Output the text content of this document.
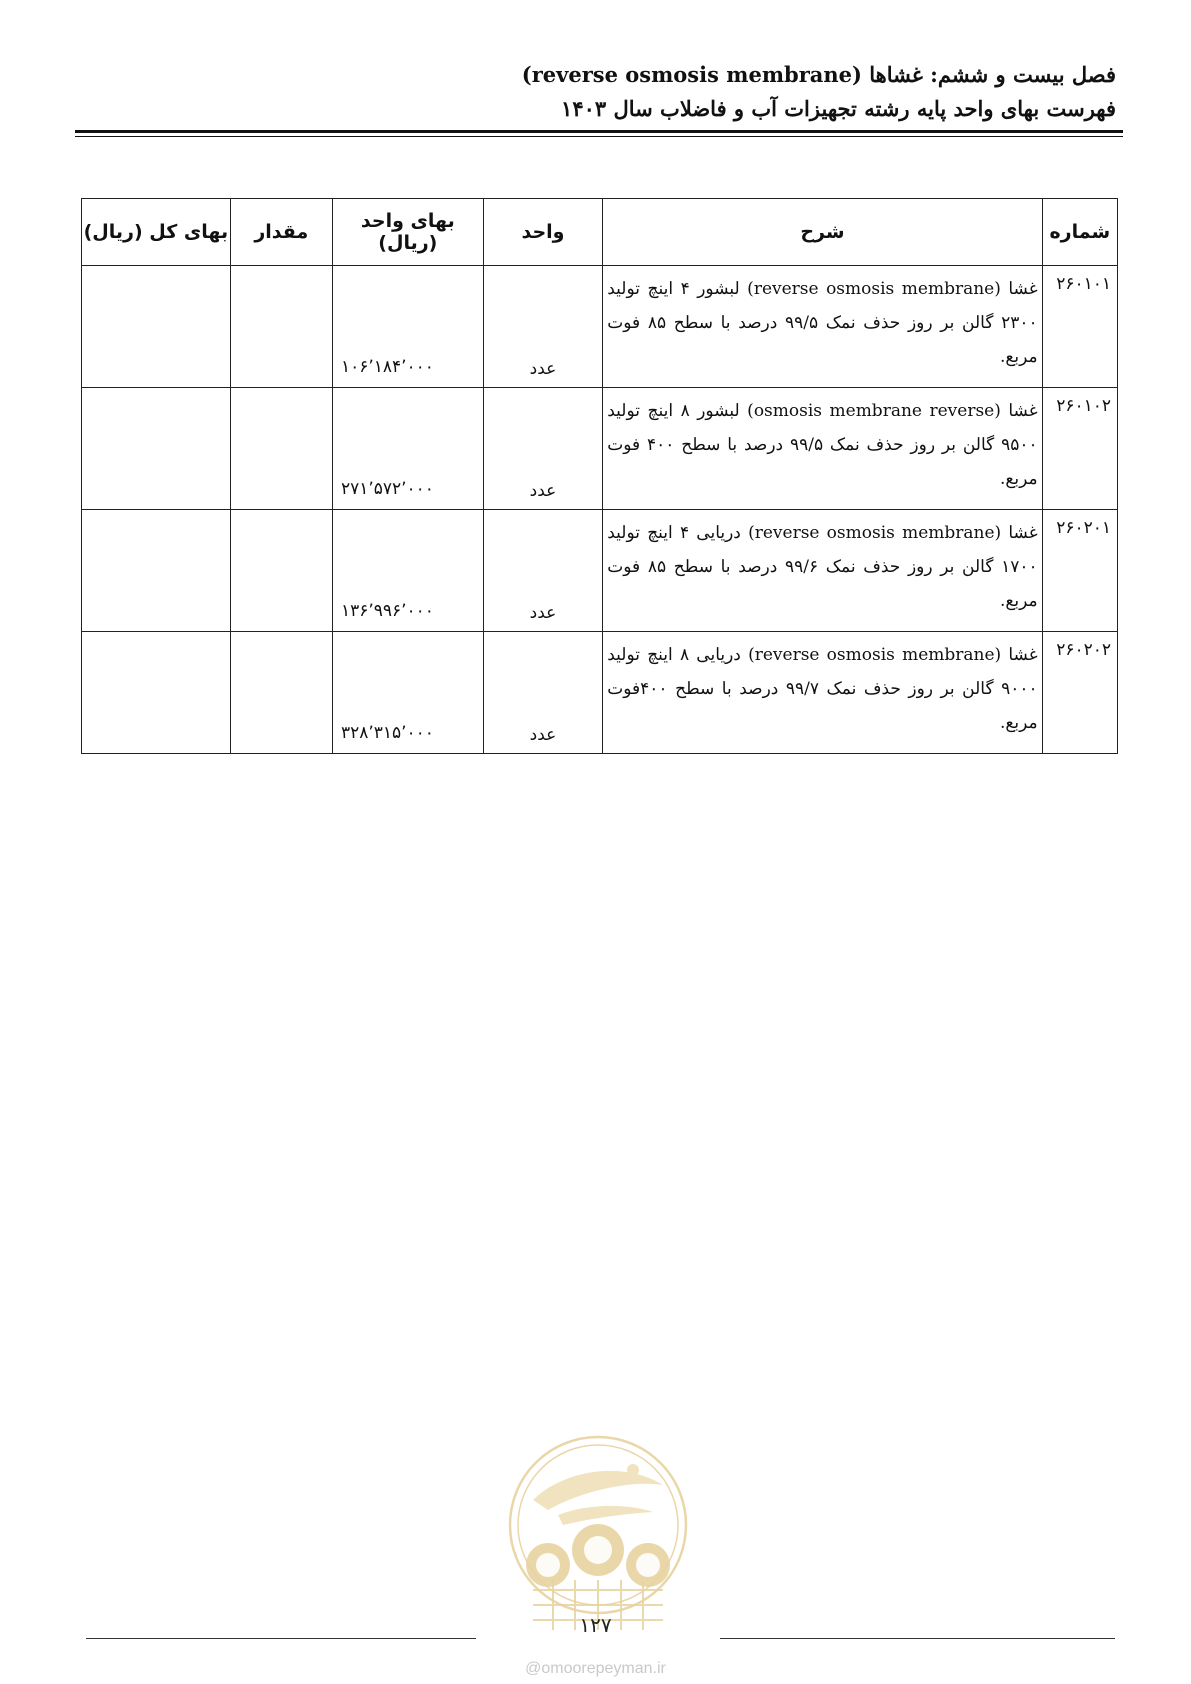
فصل بیست و ششم: غشاها (reverse osmosis membrane)
فهرست بهای واحد پایه رشته تجهیزات آب و فاضلاب سال ۱۴۰۳
شماره	شرح	واحد	بهای واحد (ریال)	مقدار	بهای کل (ریال)
۲۶۰۱۰۱	غشا (reverse osmosis membrane) لبشور ۴ اینچ تولید ۲۳۰۰ گالن بر روز حذف نمک ۹۹/۵ درصد با سطح ۸۵ فوت مربع.	عدد	۱۰۶٬۱۸۴٬۰۰۰		
۲۶۰۱۰۲	غشا (osmosis membrane reverse) لبشور ۸ اینچ تولید ۹۵۰۰ گالن بر روز حذف نمک ۹۹/۵ درصد با سطح ۴۰۰ فوت مربع.	عدد	۲۷۱٬۵۷۲٬۰۰۰		
۲۶۰۲۰۱	غشا (reverse osmosis membrane) دریایی ۴ اینچ تولید ۱۷۰۰ گالن بر روز حذف نمک ۹۹/۶ درصد با سطح ۸۵ فوت مربع.	عدد	۱۳۶٬۹۹۶٬۰۰۰		
۲۶۰۲۰۲	غشا (reverse osmosis membrane) دریایی ۸ اینچ تولید ۹۰۰۰ گالن بر روز حذف نمک ۹۹/۷ درصد با سطح ۴۰۰فوت مربع.	عدد	۳۲۸٬۳۱۵٬۰۰۰		
۱۲۷
@omoorepeyman.ir
